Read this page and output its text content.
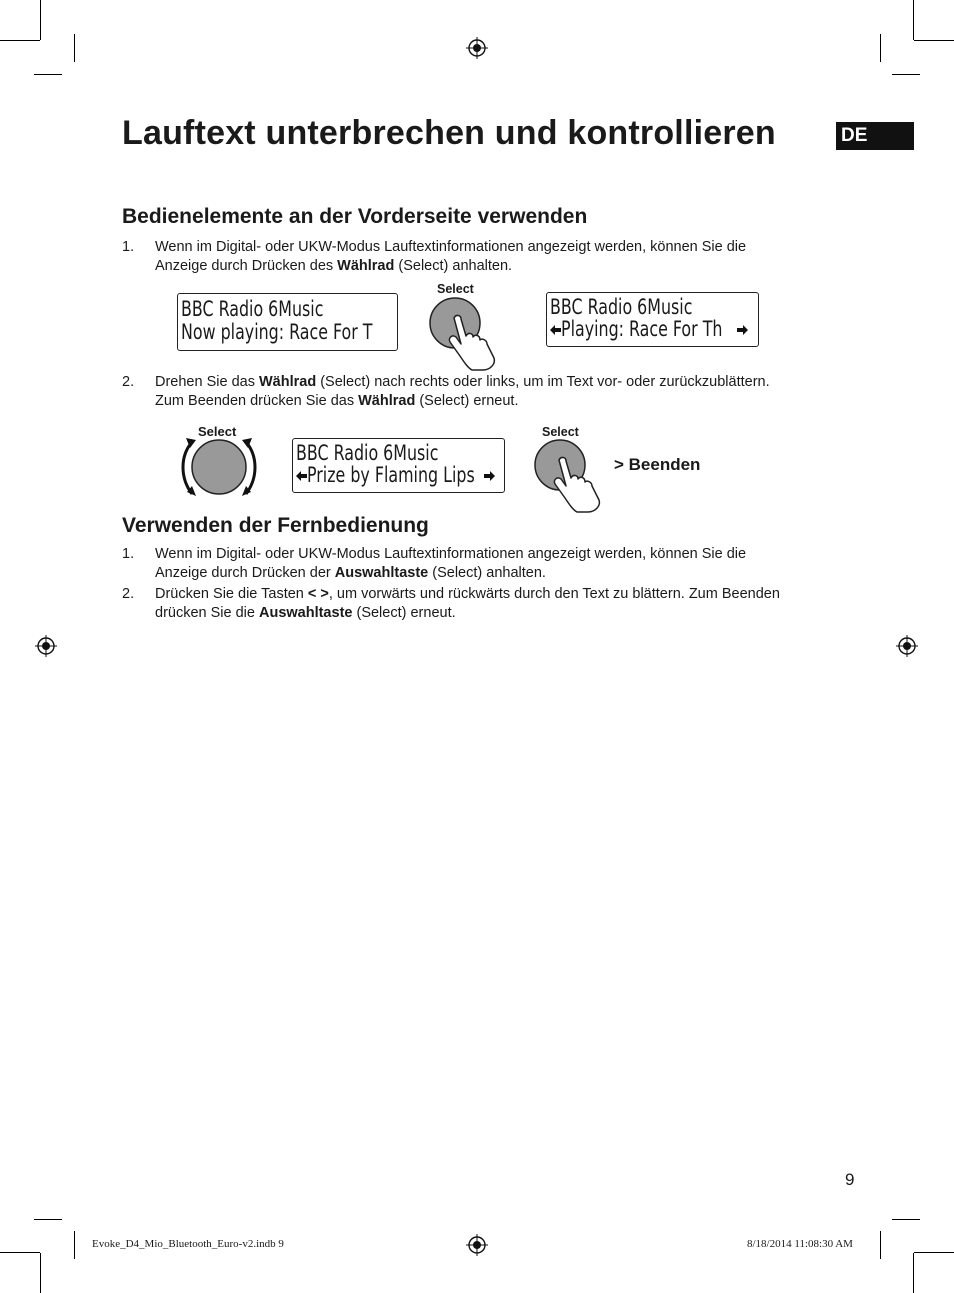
Lauftext unterbrechen und kontrollieren	DE
Bedienelemente an der Vorderseite verwenden
1. Wenn im Digital- oder UKW-Modus Lauftextinformationen angezeigt werden, können Sie die
Anzeige durch Drücken des Wählrad (Select) anhalten.
BBC Radio 6Music
Now playing: Race For T
Select
BBC Radio 6Music
Playing: Race For Th
2. Drehen Sie das Wählrad (Select) nach rechts oder links, um im Text vor- oder zurückzublättern.
Zum Beenden drücken Sie das Wählrad (Select) erneut.
Select
BBC Radio 6Music
Prize by Flaming Lips
Select
> Beenden
Verwenden der Fernbedienung
1. Wenn im Digital- oder UKW-Modus Lauftextinformationen angezeigt werden, können Sie die
Anzeige durch Drücken der Auswahltaste (Select) anhalten.
2. Drücken Sie die Tasten < >, um vorwärts und rückwärts durch den Text zu blättern. Zum Beenden
drücken Sie die Auswahltaste (Select) erneut.
9
Evoke_D4_Mio_Bluetooth_Euro-v2.indb 9	8/18/2014 11:08:30 AM
